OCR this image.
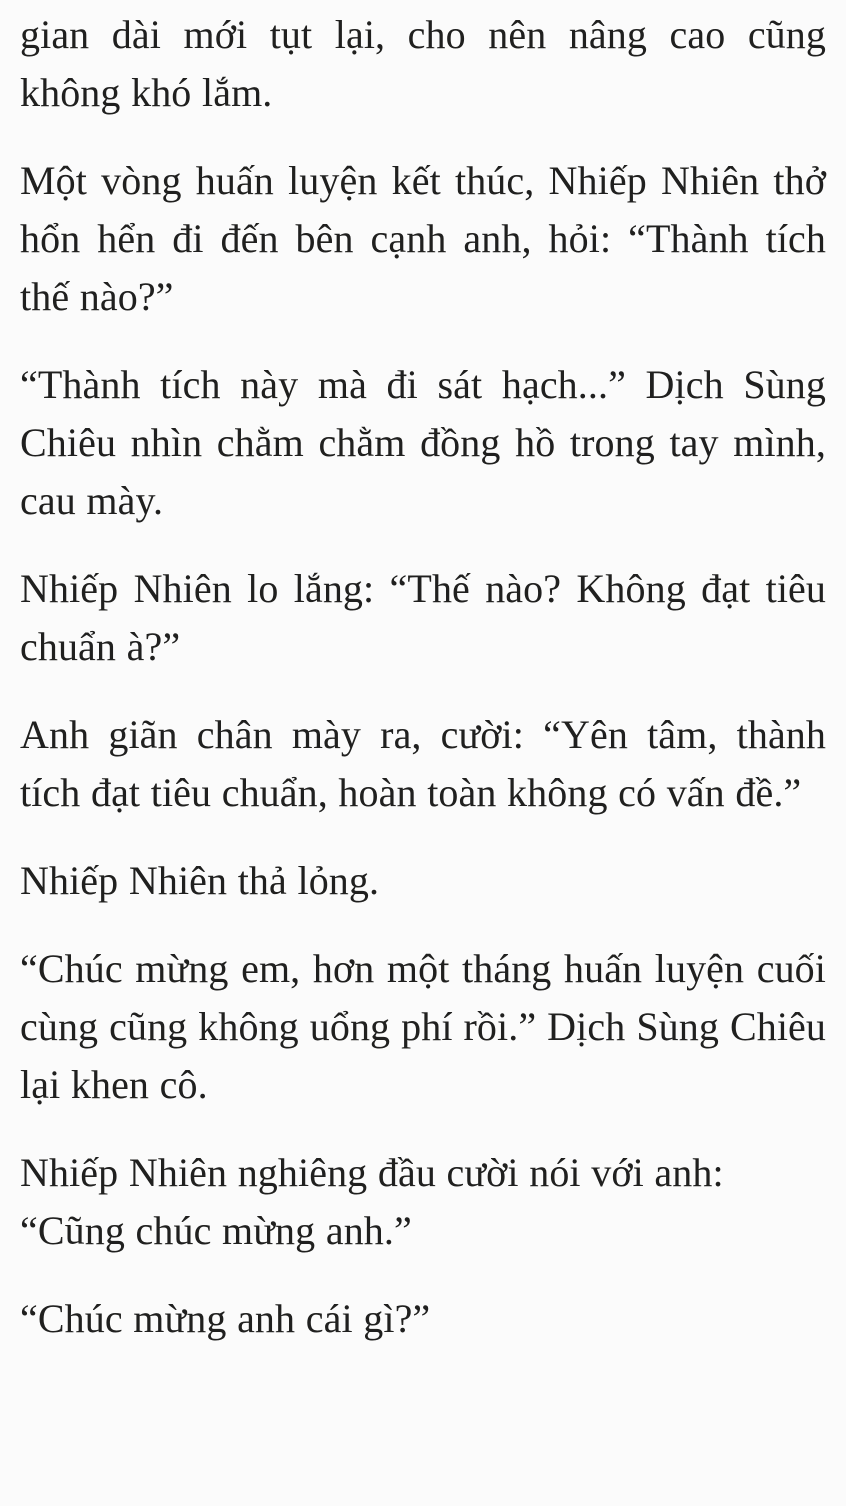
gian dài mới tụt lại, cho nên nâng cao cũng không khó lắm.

Một vòng huấn luyện kết thúc, Nhiếp Nhiên thở hổn hển đi đến bên cạnh anh, hỏi: “Thành tích thế nào?”

“Thành tích này mà đi sát hạch...” Dịch Sùng Chiêu nhìn chằm chằm đồng hồ trong tay mình, cau mày.

Nhiếp Nhiên lo lắng: “Thế nào? Không đạt tiêu chuẩn à?”

Anh giãn chân mày ra, cười: “Yên tâm, thành tích đạt tiêu chuẩn, hoàn toàn không có vấn đề.”

Nhiếp Nhiên thả lỏng.

“Chúc mừng em, hơn một tháng huấn luyện cuối cùng cũng không uổng phí rồi.” Dịch Sùng Chiêu lại khen cô.

Nhiếp Nhiên nghiêng đầu cười nói với anh: “Cũng chúc mừng anh.”

“Chúc mừng anh cái gì?”
